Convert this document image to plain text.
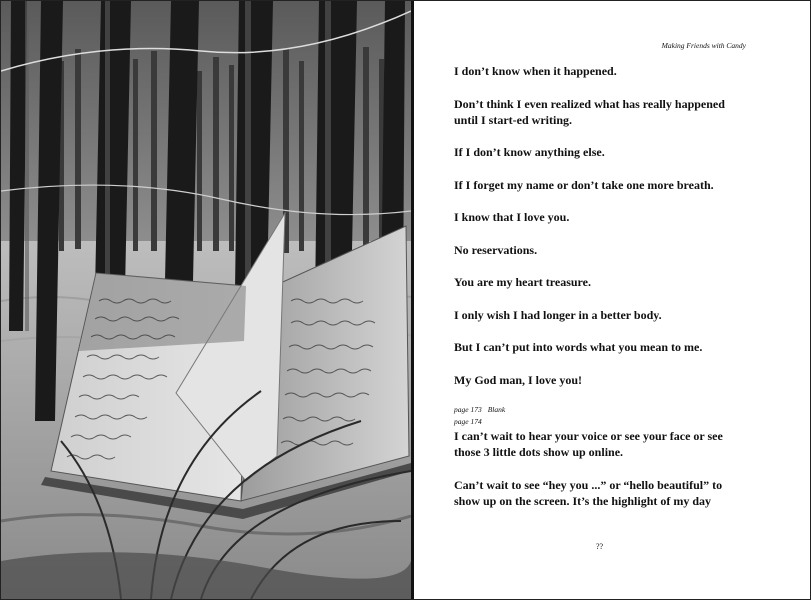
Making Friends with Candy

I don’t know when it happened.

Don’t think I even realized what has really happened until I start-ed writing.

If I don’t know anything else.

If I forget my name or don’t take one more breath.

I know that I love you.

No reservations.

You are my heart treasure.

I only wish I had longer in a better body.

But I can’t put into words what you mean to me.

My God man, I love you!

page 173 Blank

page 174

I can’t wait to hear your voice or see your face or see those 3 little dots show up online.

Can’t wait to see “hey you ...” or “hello beautiful” to show up on the screen. It’s the highlight of my day

??
